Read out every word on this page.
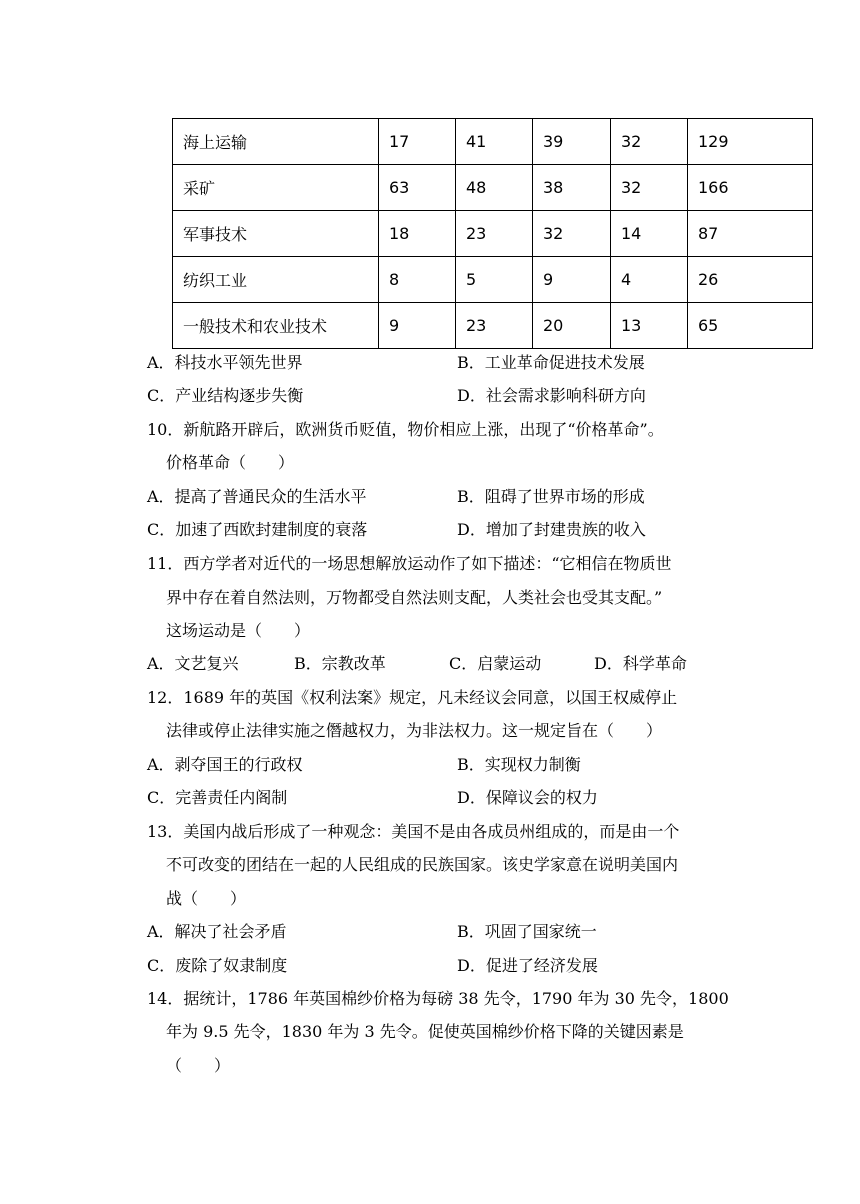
海上运输	17	41	39	32	129
采矿	63	48	38	32	166
军事技术	18	23	32	14	87
纺织工业	8	5	9	4	26
一般技术和农业技术	9	23	20	13	65
A．科技水平领先世界	B．工业革命促进技术发展
C．产业结构逐步失衡	D．社会需求影响科研方向
10．新航路开辟后，欧洲货币贬值，物价相应上涨，出现了“价格革命”。
价格革命（　　）
A．提高了普通民众的生活水平	B．阻碍了世界市场的形成
C．加速了西欧封建制度的衰落	D．增加了封建贵族的收入
11．西方学者对近代的一场思想解放运动作了如下描述：“它相信在物质世
界中存在着自然法则，万物都受自然法则支配，人类社会也受其支配。”
这场运动是（　　）
A．文艺复兴	B．宗教改革	C．启蒙运动	D．科学革命
12．1689 年的英国《权利法案》规定，凡未经议会同意，以国王权威停止
法律或停止法律实施之僭越权力，为非法权力。这一规定旨在（　　）
A．剥夺国王的行政权	B．实现权力制衡
C．完善责任内阁制	D．保障议会的权力
13．美国内战后形成了一种观念：美国不是由各成员州组成的，而是由一个
不可改变的团结在一起的人民组成的民族国家。该史学家意在说明美国内
战（　　）
A．解决了社会矛盾	B．巩固了国家统一
C．废除了奴隶制度	D．促进了经济发展
14．据统计，1786 年英国棉纱价格为每磅 38 先令，1790 年为 30 先令，1800
年为 9.5 先令，1830 年为 3 先令。促使英国棉纱价格下降的关键因素是
（　　）
